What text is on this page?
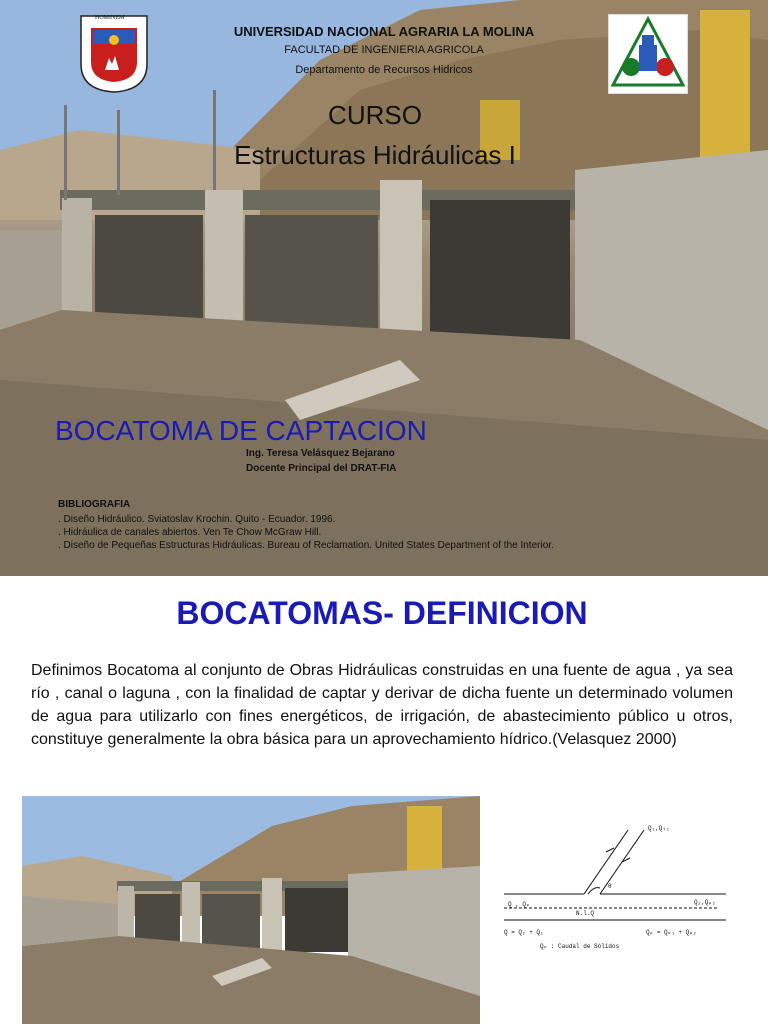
HOMINEM
UNIVERSIDAD NACIONAL AGRARIA LA MOLINA
FACULTAD DE INGENIERIA AGRICOLA
Departamento de Recursos Hidricos
CURSO
Estructuras Hidráulicas I
BOCATOMA DE CAPTACION
Ing. Teresa Velásquez Bejarano
Docente Principal del DRAT-FIA
BIBLIOGRAFIA
. Diseño Hidráulico. Sviatoslav Krochin. Quito - Ecuador. 1996.
. Hidráulica de canales abiertos. Ven Te Chow McGraw Hill.
. Diseño de Pequeñas Estructuras Hidráulicas. Bureau of Reclamation. United States Department of the Interior.
BOCATOMAS- DEFINICION

Definimos Bocatoma al conjunto de Obras Hidráulicas construidas en una fuente de agua , ya sea río , canal o laguna , con la finalidad de captar y derivar de dicha fuente un determinado volumen de agua para utilizarlo con fines energéticos, de irrigación, de abastecimiento público u otros, constituye generalmente la obra básica para un aprovechamiento hídrico.(Velasquez 2000)

Q₁,Qₜ₁
Q , Qₚ
N.l.Q
Q₂,Qₚ₂
θ
Q = Q₂ + Q₁	Qₚ = Qₚ₁ + Qₚ₂
Qₚ : Caudal de Sólidos
